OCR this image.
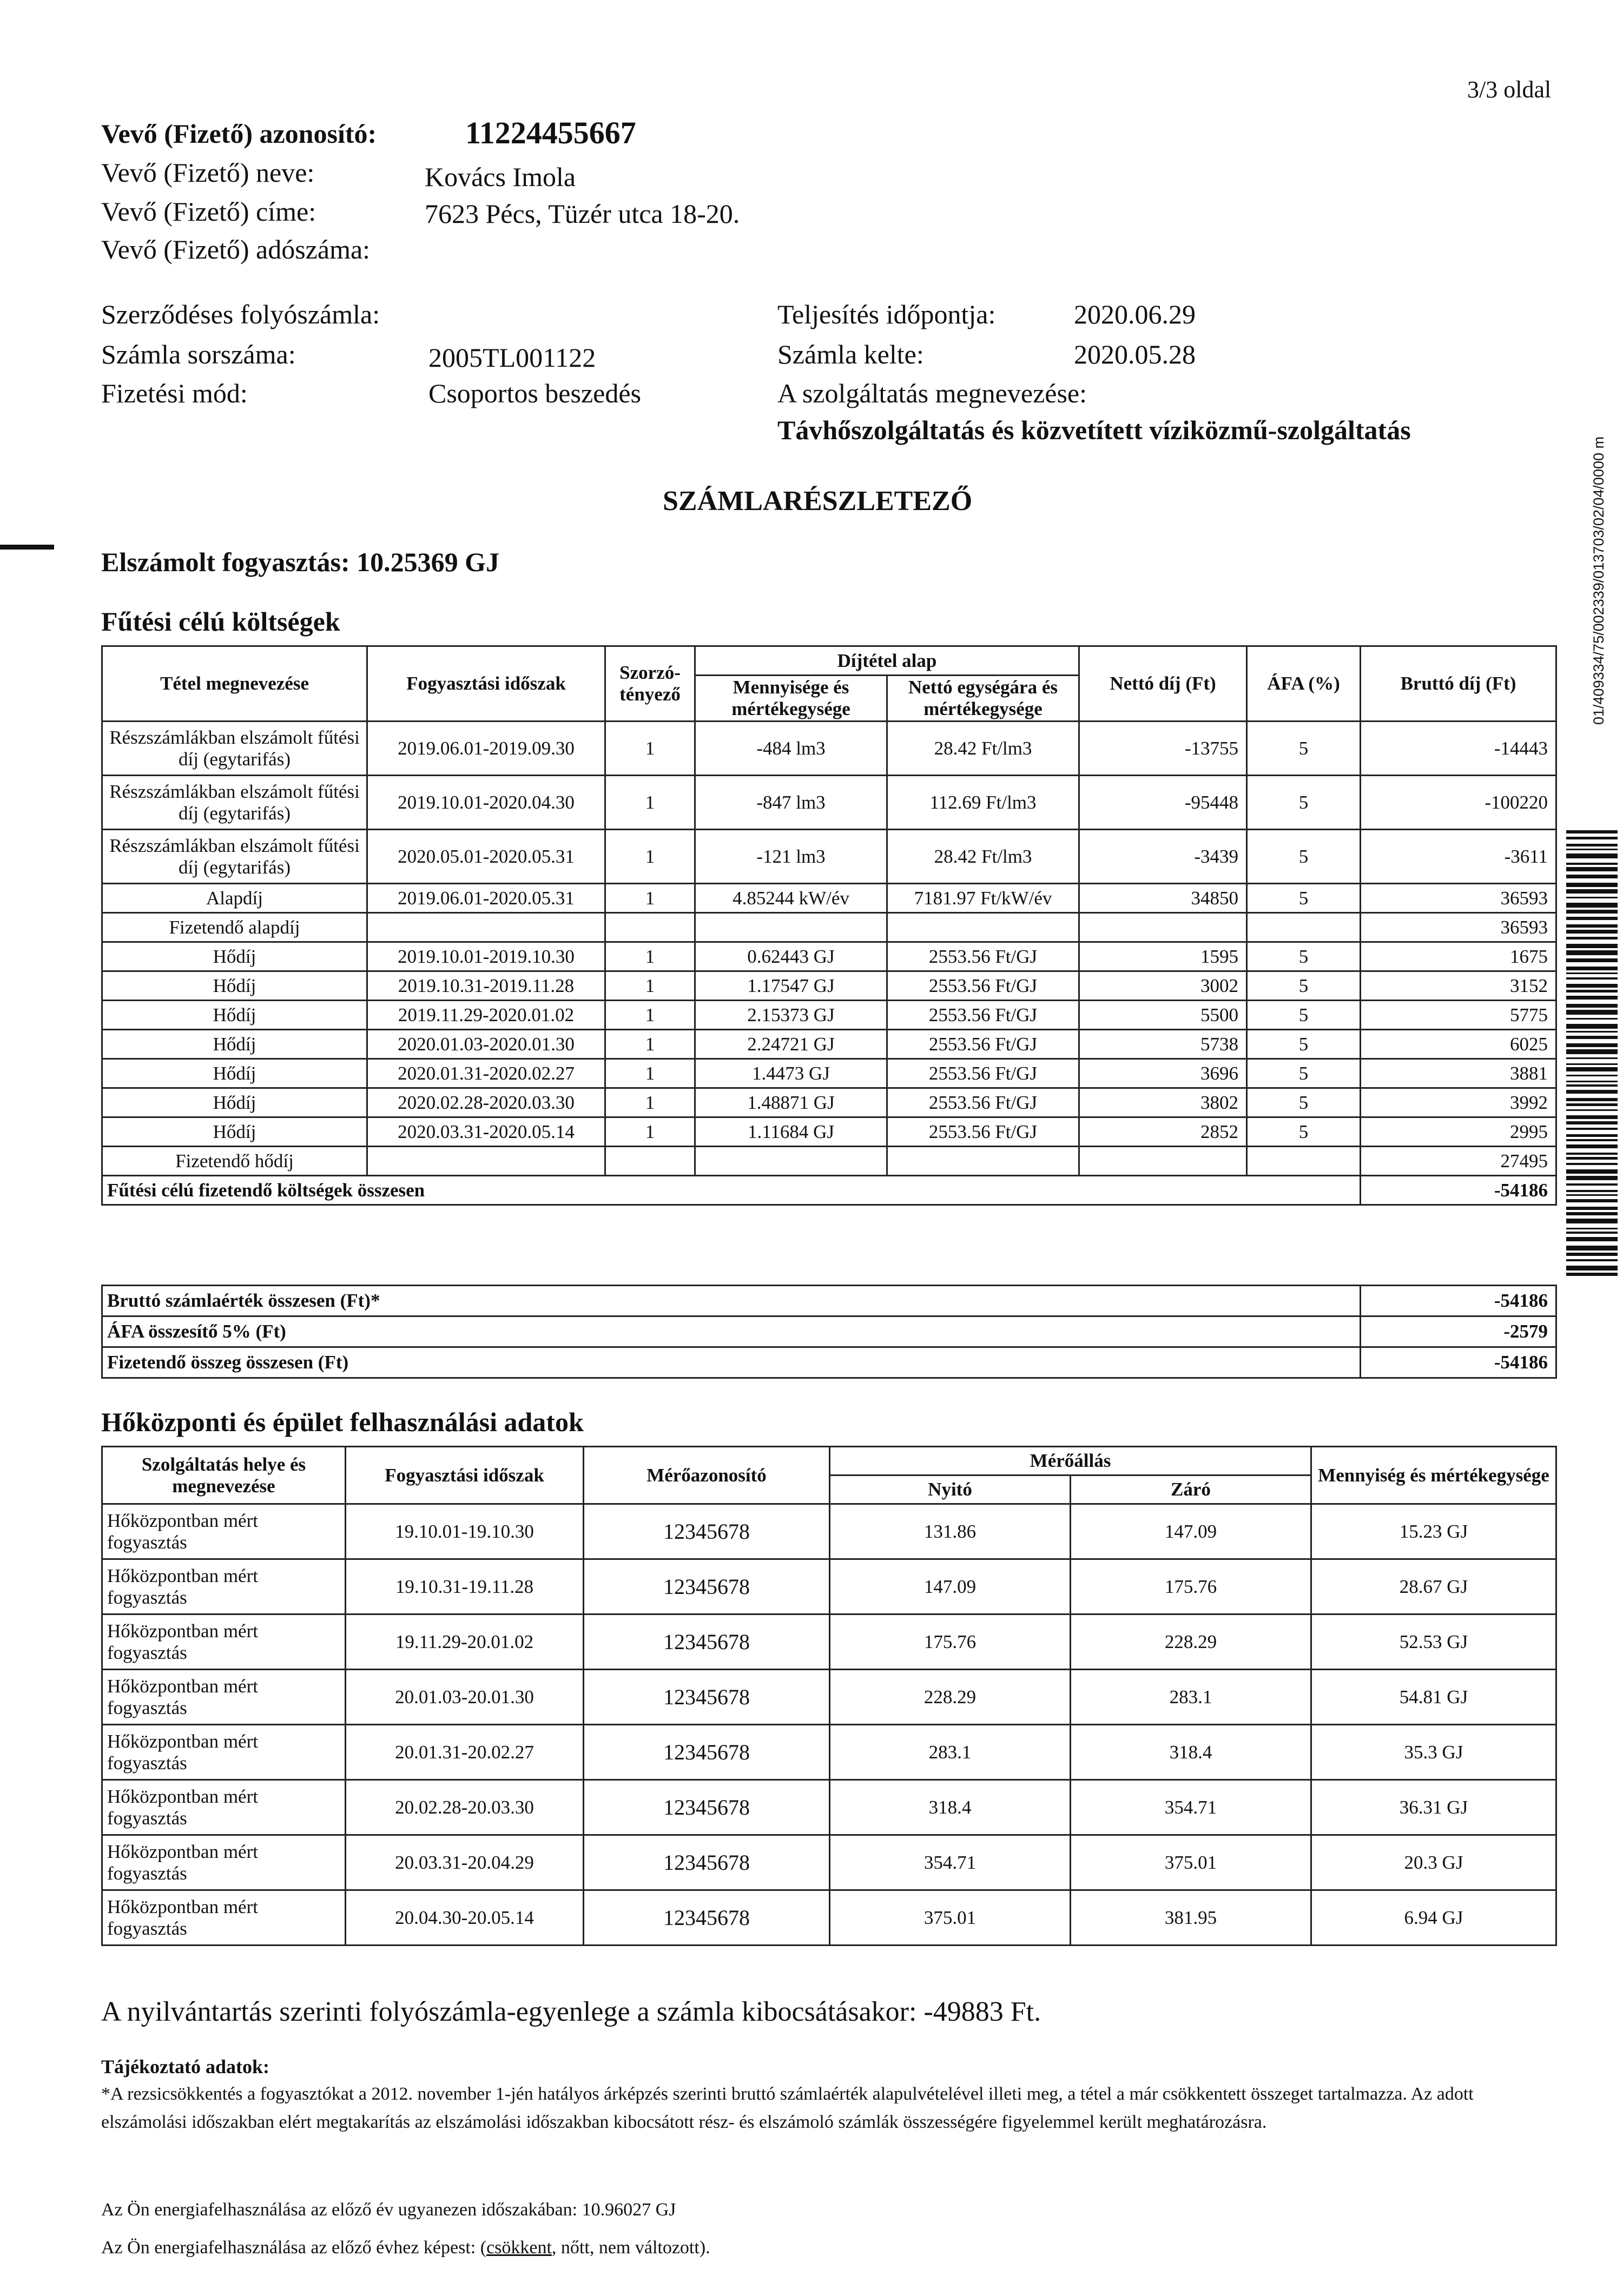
3/3 oldal
01/409334/75/002339/013703/02/04/0000 m
Vevő (Fizető) azonosító:	11224455667
Vevő (Fizető) neve:	Kovács Imola
Vevő (Fizető) címe:	7623 Pécs, Tüzér utca 18-20.
Vevő (Fizető) adószáma:
Szerződéses folyószámla:
Számla sorszáma:	2005TL001122
Fizetési mód:	Csoportos beszedés
Teljesítés időpontja:	2020.06.29
Számla kelte:	2020.05.28
A szolgáltatás megnevezése:
Távhőszolgáltatás és közvetített víziközmű-szolgáltatás
SZÁMLARÉSZLETEZŐ
Elszámolt fogyasztás: 10.25369 GJ
Fűtési célú költségek
Tétel megnevezése	Fogyasztási időszak	Szorzó-tényező	Díjtétel alap		Nettó díj (Ft)	ÁFA (%)	Bruttó díj (Ft)
			Mennyisége és mértékegysége	Nettó egységára és mértékegysége			
Részszámlákban elszámolt fűtési díj (egytarifás)	2019.06.01-2019.09.30	1	-484 lm3	28.42 Ft/lm3	-13755	5	-14443
Részszámlákban elszámolt fűtési díj (egytarifás)	2019.10.01-2020.04.30	1	-847 lm3	112.69 Ft/lm3	-95448	5	-100220
Részszámlákban elszámolt fűtési díj (egytarifás)	2020.05.01-2020.05.31	1	-121 lm3	28.42 Ft/lm3	-3439	5	-3611
Alapdíj	2019.06.01-2020.05.31	1	4.85244 kW/év	7181.97 Ft/kW/év	34850	5	36593
Fizetendő alapdíj							36593
Hődíj	2019.10.01-2019.10.30	1	0.62443 GJ	2553.56 Ft/GJ	1595	5	1675
Hődíj	2019.10.31-2019.11.28	1	1.17547 GJ	2553.56 Ft/GJ	3002	5	3152
Hődíj	2019.11.29-2020.01.02	1	2.15373 GJ	2553.56 Ft/GJ	5500	5	5775
Hődíj	2020.01.03-2020.01.30	1	2.24721 GJ	2553.56 Ft/GJ	5738	5	6025
Hődíj	2020.01.31-2020.02.27	1	1.4473 GJ	2553.56 Ft/GJ	3696	5	3881
Hődíj	2020.02.28-2020.03.30	1	1.48871 GJ	2553.56 Ft/GJ	3802	5	3992
Hődíj	2020.03.31-2020.05.14	1	1.11684 GJ	2553.56 Ft/GJ	2852	5	2995
Fizetendő hődíj							27495
Fűtési célú fizetendő költségek összesen							-54186
Bruttó számlaérték összesen (Ft)*	-54186
ÁFA összesítő 5% (Ft)	-2579
Fizetendő összeg összesen (Ft)	-54186
Hőközponti és épület felhasználási adatok
Szolgáltatás helye és megnevezése	Fogyasztási időszak	Mérőazonosító	Mérőállás		Mennyiség és mértékegysége
			Nyitó	Záró	
Hőközpontban mért fogyasztás	19.10.01-19.10.30	12345678	131.86	147.09	15.23 GJ
Hőközpontban mért fogyasztás	19.10.31-19.11.28	12345678	147.09	175.76	28.67 GJ
Hőközpontban mért fogyasztás	19.11.29-20.01.02	12345678	175.76	228.29	52.53 GJ
Hőközpontban mért fogyasztás	20.01.03-20.01.30	12345678	228.29	283.1	54.81 GJ
Hőközpontban mért fogyasztás	20.01.31-20.02.27	12345678	283.1	318.4	35.3 GJ
Hőközpontban mért fogyasztás	20.02.28-20.03.30	12345678	318.4	354.71	36.31 GJ
Hőközpontban mért fogyasztás	20.03.31-20.04.29	12345678	354.71	375.01	20.3 GJ
Hőközpontban mért fogyasztás	20.04.30-20.05.14	12345678	375.01	381.95	6.94 GJ
A nyilvántartás szerinti folyószámla-egyenlege a számla kibocsátásakor: -49883 Ft.
Tájékoztató adatok:
*A rezsicsökkentés a fogyasztókat a 2012. november 1-jén hatályos árképzés szerinti bruttó számlaérték alapulvételével illeti meg, a tétel a már csökkentett összeget tartalmazza. Az adott elszámolási időszakban elért megtakarítás az elszámolási időszakban kibocsátott rész- és elszámoló számlák összességére figyelemmel került meghatározásra.
Az Ön energiafelhasználása az előző év ugyanezen időszakában: 10.96027 GJ
Az Ön energiafelhasználása az előző évhez képest: (csökkent, nőtt, nem változott).
